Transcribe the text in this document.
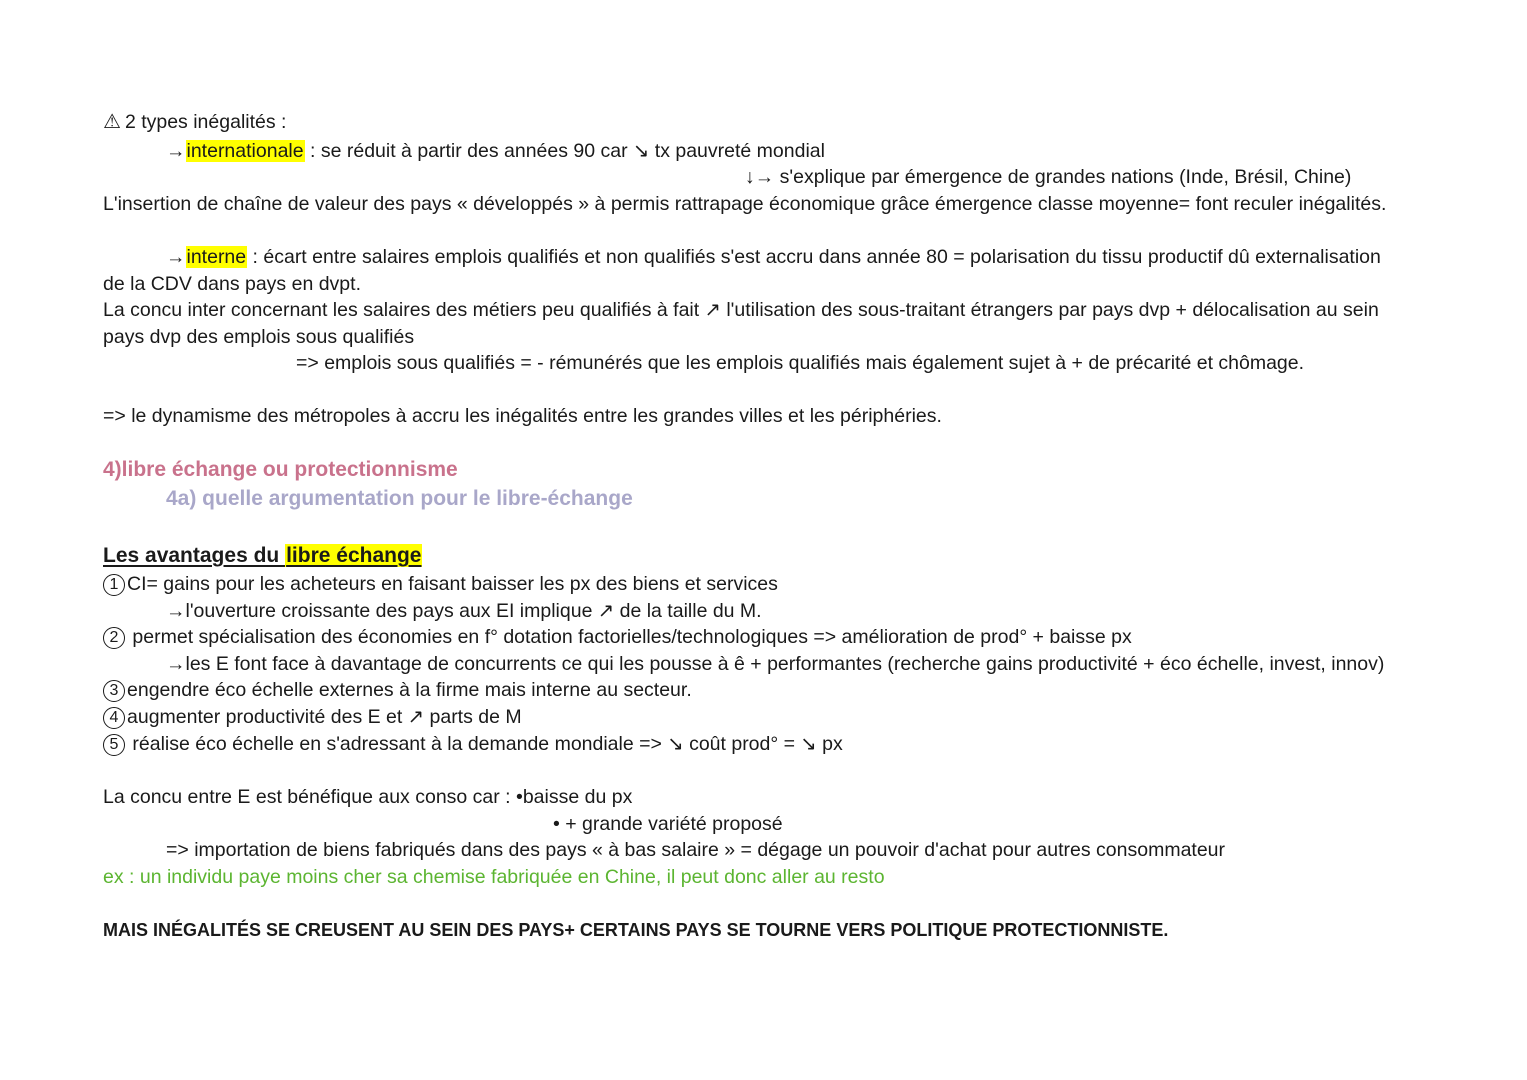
⚠ 2 types inégalités :
→internationale : se réduit à partir des années 90 car ↘ tx pauvreté mondial
↓→ s'explique par émergence de grandes nations (Inde, Brésil, Chine)
L'insertion de chaîne de valeur des pays « développés » à permis rattrapage économique grâce émergence classe moyenne= font reculer inégalités.
→interne : écart entre salaires emplois qualifiés et non qualifiés s'est accru dans année 80 = polarisation du tissu productif dû externalisation
de la CDV dans pays en dvpt.
La concu inter concernant les salaires des métiers peu qualifiés à fait ↗ l'utilisation des sous-traitant étrangers par pays dvp + délocalisation au sein
pays dvp des emplois sous qualifiés
=> emplois sous qualifiés = - rémunérés que les emplois qualifiés mais également sujet à + de précarité et chômage.
=> le dynamisme des métropoles à accru les inégalités entre les grandes villes et les périphéries.
4)libre échange ou protectionnisme
4a) quelle argumentation pour le libre-échange
Les avantages du libre échange
1 CI= gains pour les acheteurs en faisant baisser les px des biens et services
→l'ouverture croissante des pays aux EI implique ↗ de la taille du M.
2 permet spécialisation des économies en f° dotation factorielles/technologiques => amélioration de prod° + baisse px
→les E font face à davantage de concurrents ce qui les pousse à ê + performantes (recherche gains productivité + éco échelle, invest, innov)
3 engendre éco échelle externes à la firme mais interne au secteur.
4 augmenter productivité des E et ↗ parts de M
5 réalise éco échelle en s'adressant à la demande mondiale => ↘ coût prod° = ↘ px
La concu entre E est bénéfique aux conso car : •baisse du px
• + grande variété proposé
=> importation de biens fabriqués dans des pays « à bas salaire » = dégage un pouvoir d'achat pour autres consommateur
ex : un individu paye moins cher sa chemise fabriquée en Chine, il peut donc aller au resto
MAIS INÉGALITÉS SE CREUSENT AU SEIN DES PAYS+ CERTAINS PAYS SE TOURNE VERS POLITIQUE PROTECTIONNISTE.
